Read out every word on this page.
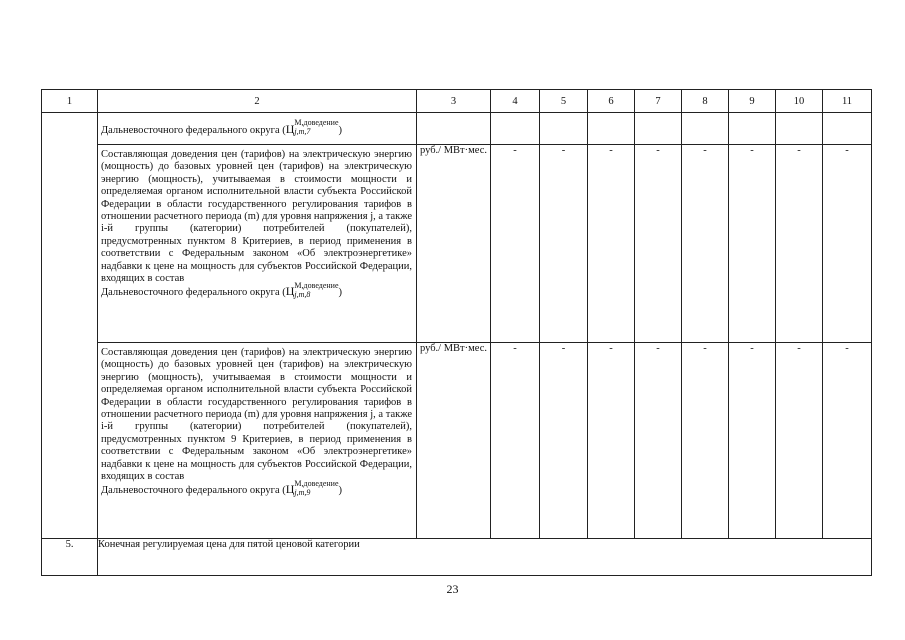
1	2	3	4	5	6	7	8	9	10	11

	Дальневосточного федерального округа (Ц М,доведение
j,m,7 )									

	Составляющая доведения цен (тарифов) на электрическую энергию (мощность) до базовых уровней цен (тарифов) на электрическую энергию (мощность), учитываемая в стоимости мощности и определяемая органом исполнительной власти субъекта Российской Федерации в области государственного регулирования тарифов в отношении расчетного периода (m) для уровня напряжения j, а также i-й группы (категории) потребителей (покупателей), предусмотренных пунктом 8 Критериев, в период применения в соответствии с Федеральным законом «Об электроэнергетике» надбавки к цене на мощность для субъектов Российской Федерации, входящих в состав
Дальневосточного федерального округа (Ц М,доведение
j,m,8 )	руб./ МВт·мес.	-	-	-	-	-	-	-	-

	Составляющая доведения цен (тарифов) на электрическую энергию (мощность) до базовых уровней цен (тарифов) на электрическую энергию (мощность), учитываемая в стоимости мощности и определяемая органом исполнительной власти субъекта Российской Федерации в области государственного регулирования тарифов в отношении расчетного периода (m) для уровня напряжения j, а также i-й группы (категории) потребителей (покупателей), предусмотренных пунктом 9 Критериев, в период применения в соответствии с Федеральным законом «Об электроэнергетике» надбавки к цене на мощность для субъектов Российской Федерации, входящих в состав
Дальневосточного федерального округа (Ц М,доведение
j,m,9 )	руб./ МВт·мес.	-	-	-	-	-	-	-	-
5.	Конечная регулируемая цена для пятой ценовой категории									
23
